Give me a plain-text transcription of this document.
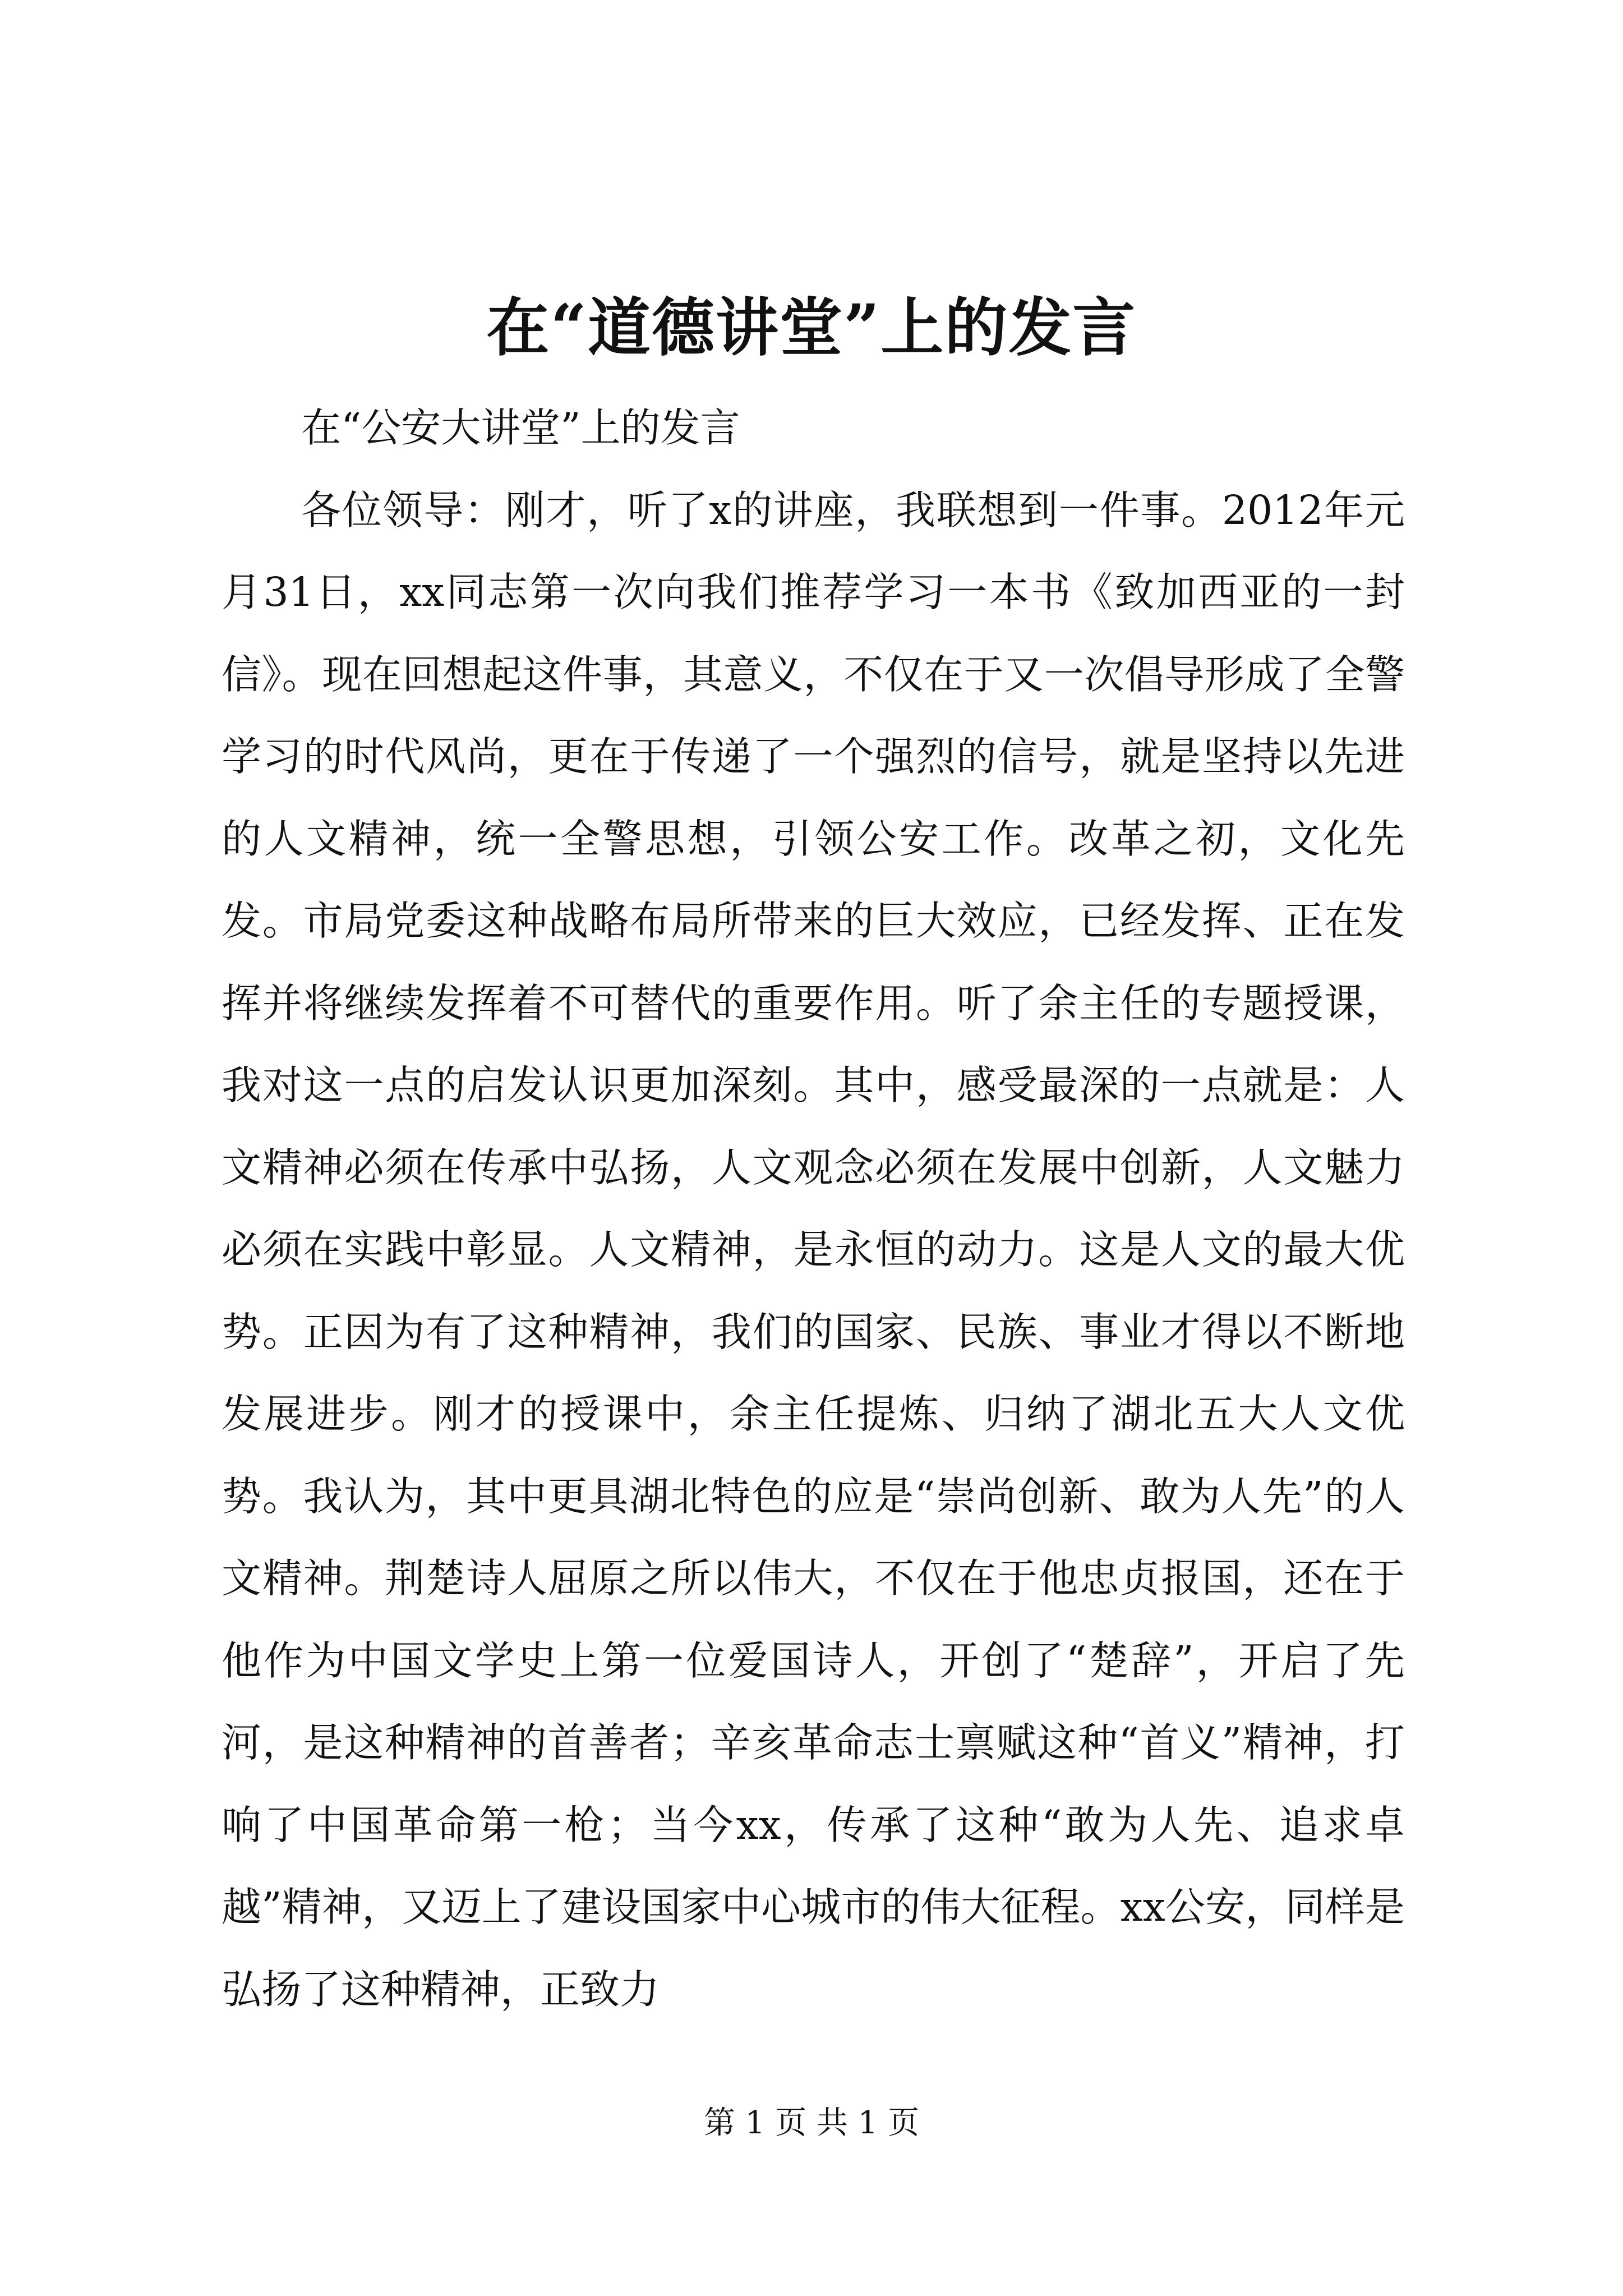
在“道德讲堂”上的发言

在“公安大讲堂”上的发言

各位领导：刚才，听了x的讲座，我联想到一件事。2012年元月31日，xx同志第一次向我们推荐学习一本书《致加西亚的一封信》。现在回想起这件事，其意义，不仅在于又一次倡导形成了全警学习的时代风尚，更在于传递了一个强烈的信号，就是坚持以先进的人文精神，统一全警思想，引领公安工作。改革之初，文化先发。市局党委这种战略布局所带来的巨大效应，已经发挥、正在发挥并将继续发挥着不可替代的重要作用。听了余主任的专题授课，我对这一点的启发认识更加深刻。其中，感受最深的一点就是：人文精神必须在传承中弘扬，人文观念必须在发展中创新，人文魅力必须在实践中彰显。人文精神，是永恒的动力。这是人文的最大优势。正因为有了这种精神，我们的国家、民族、事业才得以不断地发展进步。刚才的授课中，余主任提炼、归纳了湖北五大人文优势。我认为，其中更具湖北特色的应是“崇尚创新、敢为人先”的人文精神。荆楚诗人屈原之所以伟大，不仅在于他忠贞报国，还在于他作为中国文学史上第一位爱国诗人，开创了“楚辞”，开启了先河，是这种精神的首善者；辛亥革命志士禀赋这种“首义”精神，打响了中国革命第一枪；当今xx，传承了这种“敢为人先、追求卓越”精神，又迈上了建设国家中心城市的伟大征程。xx公安，同样是弘扬了这种精神，正致力

第 1 页 共 1 页
